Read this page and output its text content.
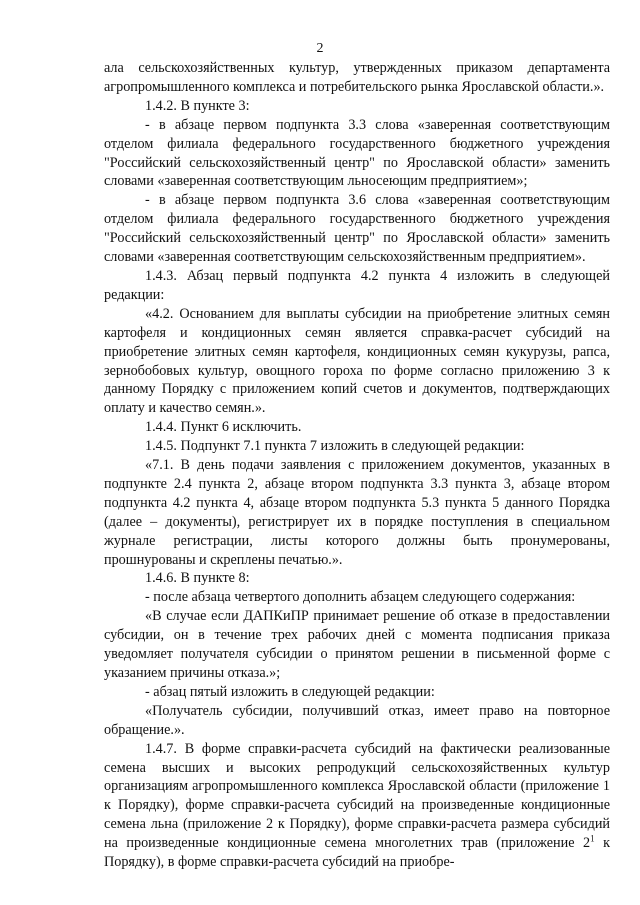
2

ала сельскохозяйственных культур, утвержденных приказом департамента агропромышленного комплекса и потребительского рынка Ярославской области.».

1.4.2. В пункте 3:

- в абзаце первом подпункта 3.3 слова «заверенная соответствующим отделом филиала федерального государственного бюджетного учреждения "Российский сельскохозяйственный центр" по Ярославской области» заменить словами «заверенная соответствующим льносеющим предприятием»;

- в абзаце первом подпункта 3.6 слова «заверенная соответствующим отделом филиала федерального государственного бюджетного учреждения "Российский сельскохозяйственный центр" по Ярославской области» заменить словами «заверенная соответствующим сельскохозяйственным предприятием».

1.4.3. Абзац первый подпункта 4.2 пункта 4 изложить в следующей редакции:

«4.2. Основанием для выплаты субсидии на приобретение элитных семян картофеля и кондиционных семян является справка-расчет субсидий на приобретение элитных семян картофеля, кондиционных семян кукурузы, рапса, зернобобовых культур, овощного гороха по форме согласно приложению 3 к данному Порядку с приложением копий счетов и документов, подтверждающих оплату и качество семян.».

1.4.4. Пункт 6 исключить.

1.4.5. Подпункт 7.1 пункта 7 изложить в следующей редакции:

«7.1. В день подачи заявления с приложением документов, указанных в подпункте 2.4 пункта 2, абзаце втором подпункта 3.3 пункта 3, абзаце втором подпункта 4.2 пункта 4, абзаце втором подпункта 5.3 пункта 5 данного Порядка (далее – документы), регистрирует их в порядке поступления в специальном журнале регистрации, листы которого должны быть пронумерованы, прошнурованы и скреплены печатью.».

1.4.6. В пункте 8:

- после абзаца четвертого дополнить абзацем следующего содержания:

«В случае если ДАПКиПР принимает решение об отказе в предоставлении субсидии, он в течение трех рабочих дней с момента подписания приказа уведомляет получателя субсидии о принятом решении в письменной форме с указанием причины отказа.»;

- абзац пятый изложить в следующей редакции:

«Получатель субсидии, получивший отказ, имеет право на повторное обращение.».

1.4.7. В форме справки-расчета субсидий на фактически реализованные семена высших и высоких репродукций сельскохозяйственных культур организациям агропромышленного комплекса Ярославской области (приложение 1 к Порядку), форме справки-расчета субсидий на произведенные кондиционные семена льна (приложение 2 к Порядку), форме справки-расчета размера субсидий на произведенные кондиционные семена многолетних трав (приложение $2^1$ к Порядку), в форме справки-расчета субсидий на приобре-
